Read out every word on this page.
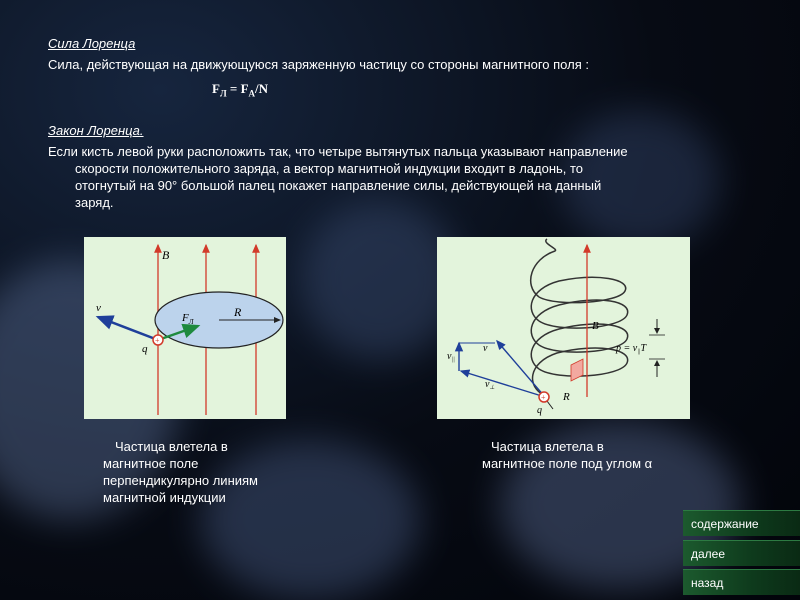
Сила Лоренца
Сила, действующая на движующуюся заряженную частицу со стороны магнитного поля :
$F_Л = F_A/N$
Закон Лоренца.
Если кисть левой руки расположить так, что четыре вытянутых пальца указывают направление
скорости положительного заряда, а вектор магнитной индукции входит в ладонь, то
отогнутый на 90° большой палец покажет направление силы, действующей на данный
заряд.
+
B
v
$F_Л$
R
q
+
B
v
$v_{||}$
$v_\perp$
R
q
$p = v_{||}T$
Частица влетела в
магнитное поле
перпендикулярно линиям
магнитной индукции
Частица влетела в
магнитное поле под углом α
содержание
далее
назад
